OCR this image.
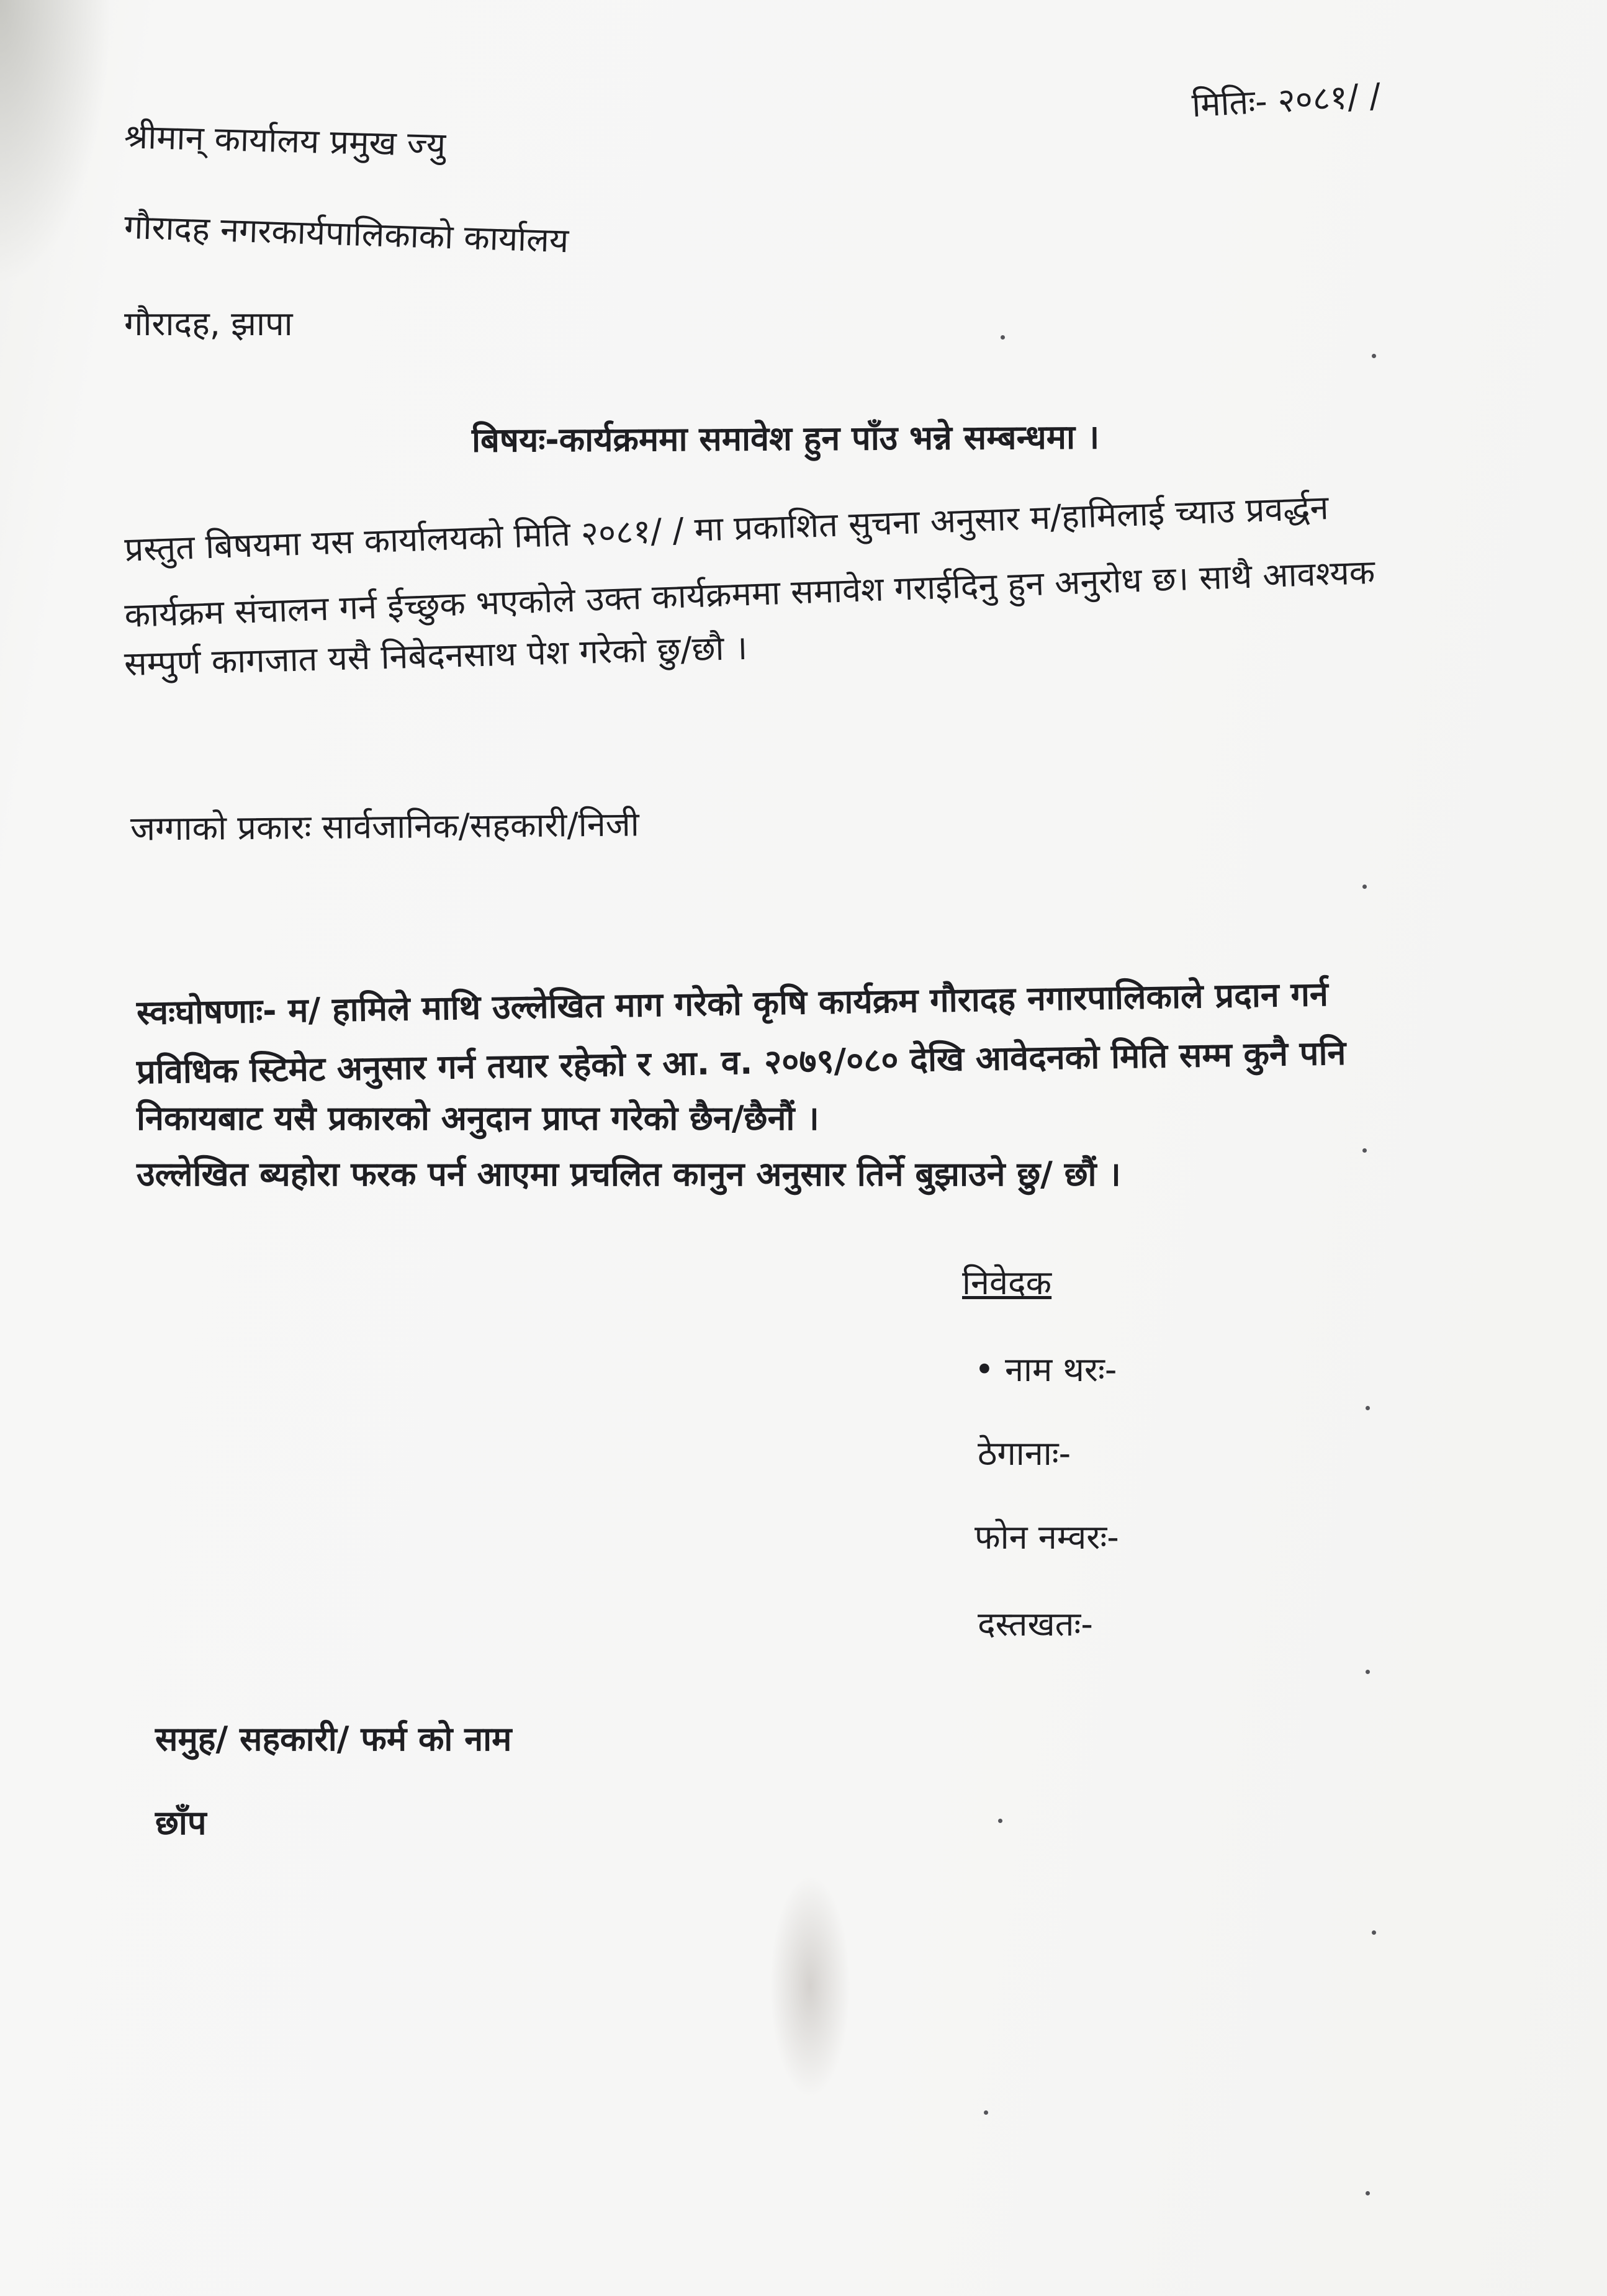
मितिः- २०८१/ /
श्रीमान् कार्यालय प्रमुख ज्यु
गौरादह नगरकार्यपालिकाको कार्यालय
गौरादह, झापा
बिषयः-कार्यक्रममा समावेश हुन पाँउ भन्ने सम्बन्धमा ।
प्रस्तुत बिषयमा यस कार्यालयको मिति २०८१/ / मा प्रकाशित सुचना अनुसार म/हामिलाई च्याउ प्रवर्द्धन
कार्यक्रम संचालन गर्न ईच्छुक भएकोले उक्त कार्यक्रममा समावेश गराईदिनु हुन अनुरोध छ। साथै आवश्यक
सम्पुर्ण कागजात यसै निबेदनसाथ पेश गरेको छु/छौ ।
जग्गाको प्रकारः सार्वजानिक/सहकारी/निजी
स्वःघोषणाः- म/ हामिले माथि उल्लेखित माग गरेको कृषि कार्यक्रम गौरादह नगारपालिकाले प्रदान गर्न
प्रविधिक स्टिमेट अनुसार गर्न तयार रहेको र आ. व. २०७९/०८० देखि आवेदनको मिति सम्म कुनै पनि
निकायबाट यसै प्रकारको अनुदान प्राप्त गरेको छैन/छैनौं ।
उल्लेखित ब्यहोरा फरक पर्न आएमा प्रचलित कानुन अनुसार तिर्ने बुझाउने छु/ छौं ।
निवेदक
• नाम थरः-
ठेगानाः-
फोन नम्वरः-
दस्तखतः-
समुह/ सहकारी/ फर्म को नाम
छाँप
